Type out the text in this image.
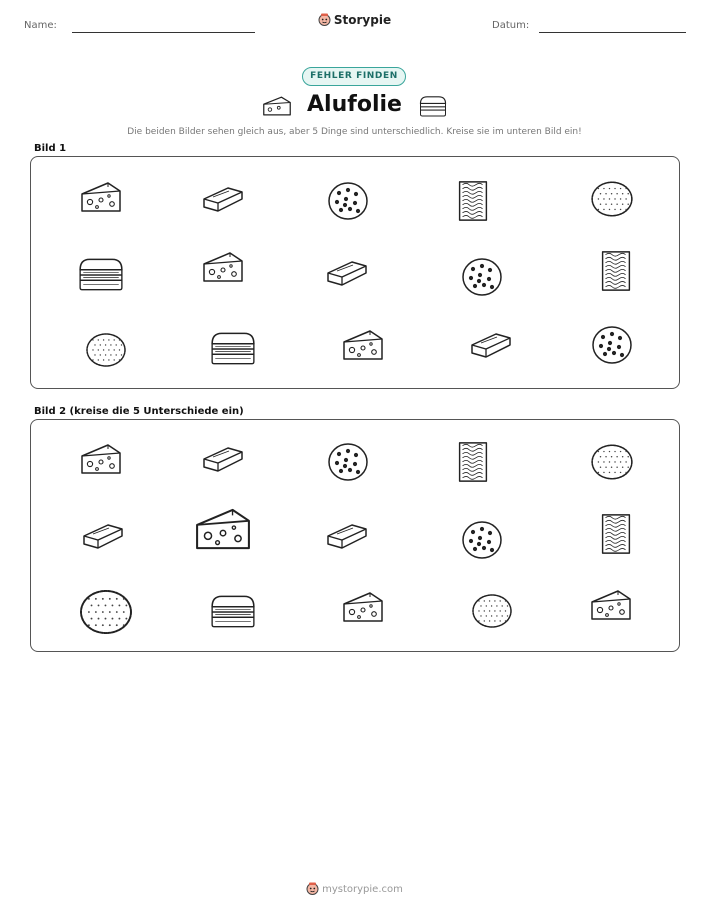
Name:	Storypie	Datum:
FEHLER FINDEN
Alufolie
Die beiden Bilder sehen gleich aus, aber 5 Dinge sind unterschiedlich. Kreise sie im unteren Bild ein!
Bild 1
Bild 2 (kreise die 5 Unterschiede ein)
mystorypie.com
